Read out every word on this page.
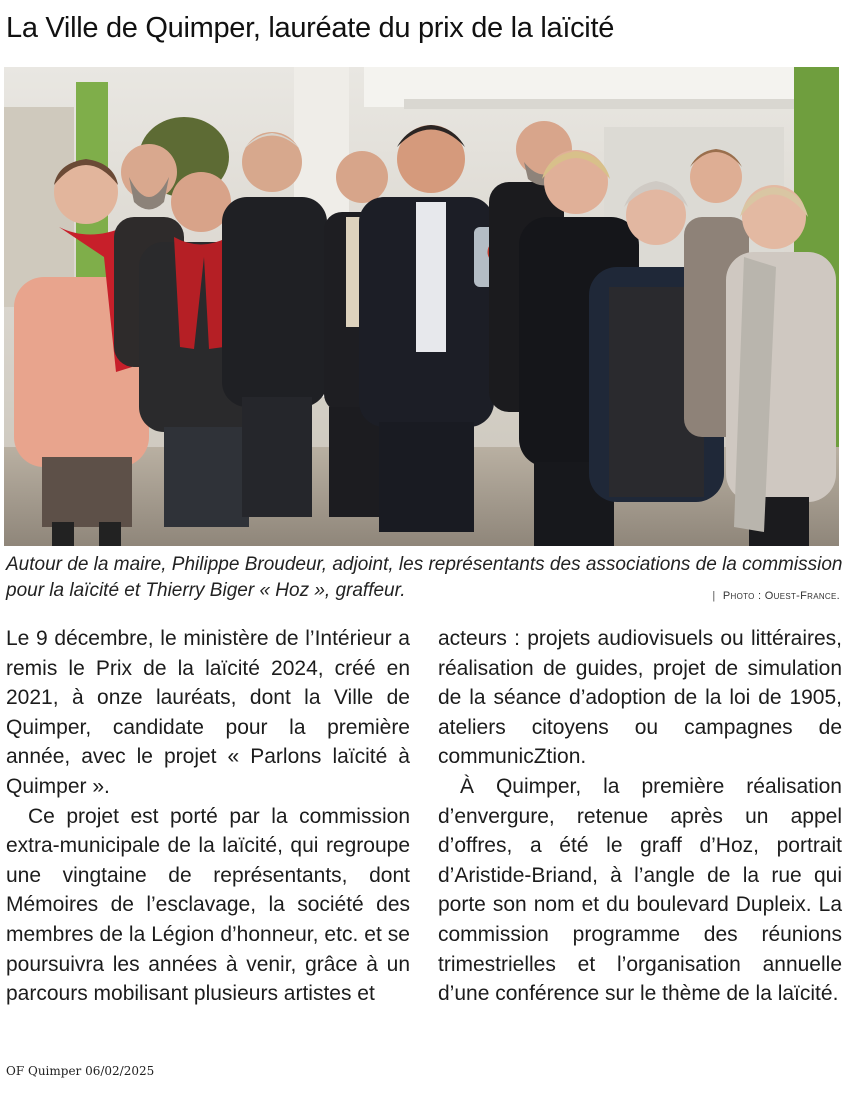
La Ville de Quimper, lauréate du prix de la laïcité
Autour de la maire, Philippe Broudeur, adjoint, les représentants des associations de la commission pour la laïcité et Thierry Biger « Hoz », graffeur.
|	Photo : Ouest-France.

Le 9 décembre, le ministère de l’Intérieur a remis le Prix de la laïcité 2024, créé en 2021, à onze lauréats, dont la Ville de Quimper, candidate pour la première année, avec le projet « Parlons laïcité à Quimper ».

Ce projet est porté par la commission extra-municipale de la laïcité, qui regroupe une vingtaine de représentants, dont Mémoires de l’esclavage, la société des membres de la Légion d’honneur, etc. et se poursuivra les années à venir, grâce à un parcours mobilisant plusieurs artistes et

acteurs : projets audiovisuels ou littéraires, réalisation de guides, projet de simulation de la séance d’adoption de la loi de 1905, ateliers citoyens ou campagnes de communicZtion.

À Quimper, la première réalisation d’envergure, retenue après un appel d’offres, a été le graff d’Hoz, portrait d’Aristide-Briand, à l’angle de la rue qui porte son nom et du boulevard Dupleix. La commission programme des réunions trimestrielles et l’organisation annuelle d’une conférence sur le thème de la laïcité.

OF Quimper 06/02/2025
